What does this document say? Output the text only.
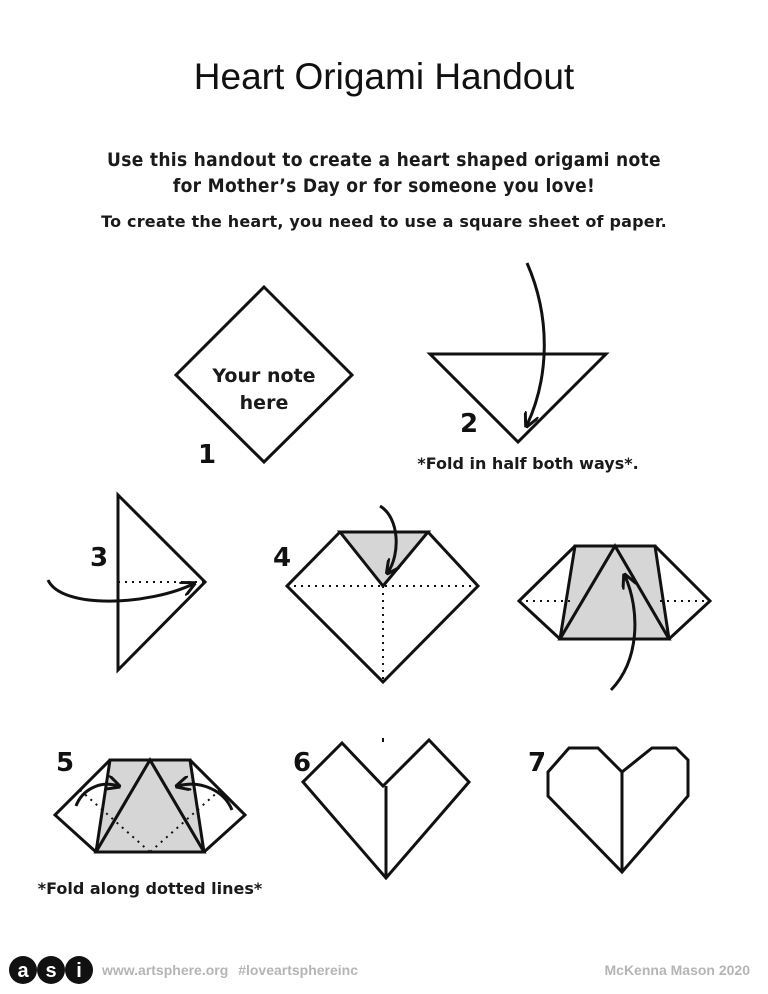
Heart Origami Handout
Use this handout to create a heart shaped origami note
for Mother’s Day or for someone you love!
To create the heart, you need to use a square sheet of paper.
1
2
3	4
5	6	7
Your note
here
*Fold in half both ways*.
*Fold along dotted lines*
a s i www.artsphere.org #loveartsphereinc	McKenna Mason 2020
